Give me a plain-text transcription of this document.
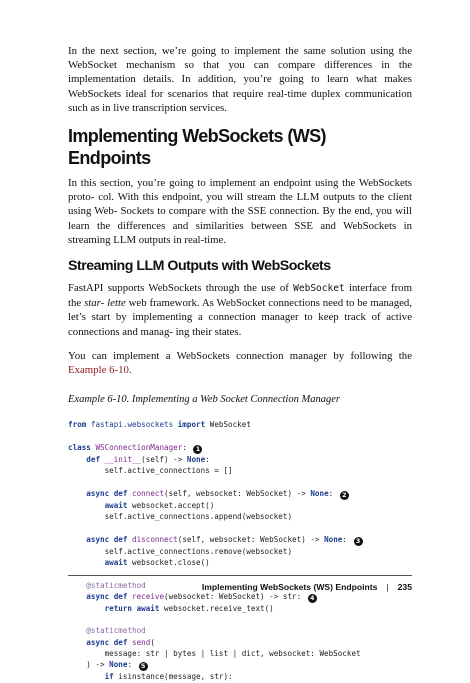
In the next section, we’re going to implement the same solution using the WebSocket mechanism so that you can compare differences in the implementation details. In addition, you’re going to learn what makes WebSockets ideal for scenarios that require real-time duplex communication such as in live transcription services.

Implementing WebSockets (WS) Endpoints

In this section, you’re going to implement an endpoint using the WebSockets proto- col. With this endpoint, you will stream the LLM outputs to the client using Web- Sockets to compare with the SSE connection. By the end, you will learn the differences and similarities between SSE and WebSockets in streaming LLM outputs in real-time.

Streaming LLM Outputs with WebSockets

FastAPI supports WebSockets through the use of WebSocket interface from the star- lette web framework. As WebSocket connections need to be managed, let’s start by implementing a connection manager to keep track of active connections and manag- ing their states.

You can implement a WebSockets connection manager by following the Example 6-10.

Example 6-10. Implementing a Web Socket Connection Manager
from fastapi.websockets import WebSocket

class WSConnectionManager: 1
def __init__(self) -> None:
self.active_connections = []

async def connect(self, websocket: WebSocket) -> None: 2
await websocket.accept()
self.active_connections.append(websocket)

async def disconnect(self, websocket: WebSocket) -> None: 3
self.active_connections.remove(websocket)
await websocket.close()

@staticmethod
async def receive(websocket: WebSocket) -> str: 4
return await websocket.receive_text()

@staticmethod
async def send(
message: str | bytes | list | dict, websocket: WebSocket
) -> None: 5
if isinstance(message, str):
Implementing WebSockets (WS) Endpoints | 235
